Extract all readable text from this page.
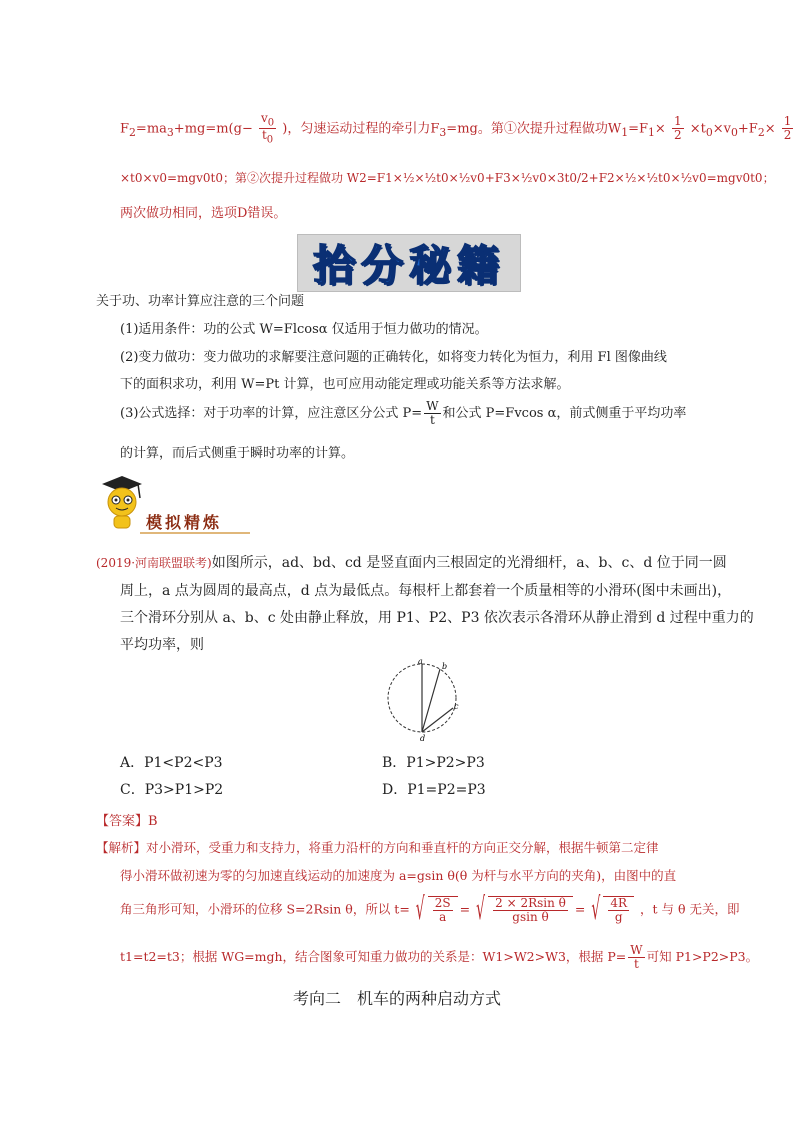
$F_2=ma_3+mg=m(g- \frac{v_0}{t_0}$ )，匀速运动过程的牵引力$F_3=mg$。第①次提升过程做功$W_1=F_1\times \frac{1}{2} \times t_0\times v_0+F_2\times \frac{1}{2}$
×t0×v0=mgv0t0；第②次提升过程做功 W2=F1×½×½t0×½v0+F3×½v0×3t0/2+F2×½×½t0×½v0=mgv0t0；
两次做功相同，选项D错误。
拾分秘籍
关于功、功率计算应注意的三个问题
(1)适用条件：功的公式 W=Flcosα 仅适用于恒力做功的情况。
(2)变力做功：变力做功的求解要注意问题的正确转化，如将变力转化为恒力，利用 Fl 图像曲线
下的面积求功，利用 W=Pt 计算，也可应用动能定理或功能关系等方法求解。
(3)公式选择：对于功率的计算，应注意区分公式 $P= \frac{W}{t}$ 和公式 P=Fvcos α，前式侧重于平均功率
的计算，而后式侧重于瞬时功率的计算。
模拟精炼
(2019·河南联盟联考)如图所示，ad、bd、cd 是竖直面内三根固定的光滑细杆，a、b、c、d 位于同一圆
周上，a 点为圆周的最高点，d 点为最低点。每根杆上都套着一个质量相等的小滑环(图中未画出)，
三个滑环分别从 a、b、c 处由静止释放，用 P1、P2、P3 依次表示各滑环从静止滑到 d 过程中重力的
平均功率，则
a
b
c
d
A．P1<P2<P3	B．P1>P2>P3
C．P3>P1>P2	D．P1=P2=P3
【答案】B
【解析】对小滑环，受重力和支持力，将重力沿杆的方向和垂直杆的方向正交分解，根据牛顿第二定律
得小滑环做初速为零的匀加速直线运动的加速度为 a=gsin θ(θ 为杆与水平方向的夹角)，由图中的直
角三角形可知，小滑环的位移 S=2Rsin θ，所以 t= √ $\frac{2S}{a}$ = √ $\frac{\text{2 × 2Rsin θ}}{\text{gsin θ}}$ = √ $\frac{4R}{g}$ ，t 与 θ 无关，即
t1=t2=t3；根据 WG=mgh，结合图象可知重力做功的关系是：W1>W2>W3，根据 $P= \frac{W}{t}$ 可知 P1>P2>P3。
考向二　机车的两种启动方式
